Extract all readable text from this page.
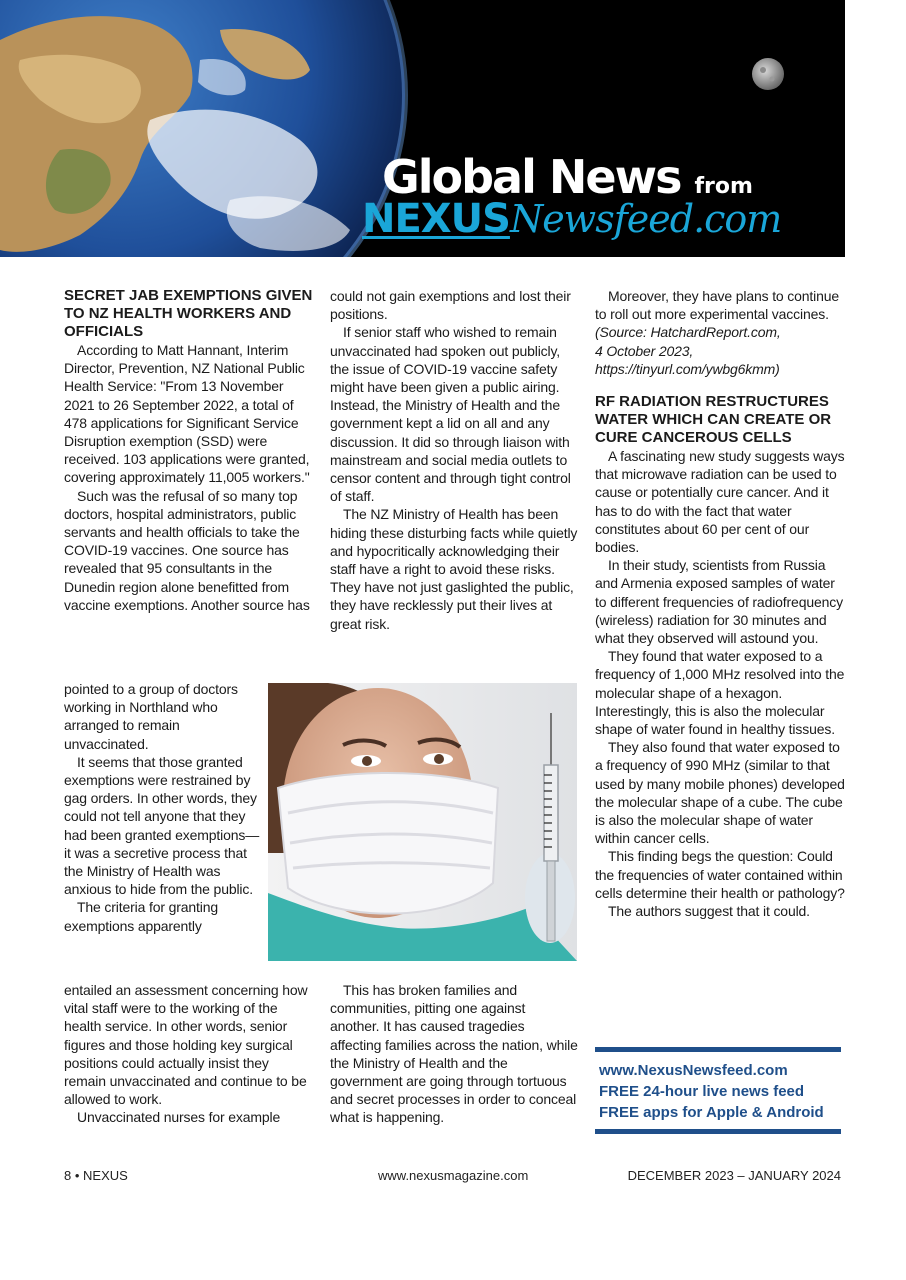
Global News from
NEXUSNewsfeed.com
SECRET JAB EXEMPTIONS GIVEN TO NZ HEALTH WORKERS AND OFFICIALS

According to Matt Hannant, Interim Director, Prevention, NZ National Public Health Service: "From 13 November 2021 to 26 September 2022, a total of 478 applications for Significant Service Disruption exemption (SSD) were received. 103 applications were granted, covering approximately 11,005 workers."

Such was the refusal of so many top doctors, hospital administrators, public servants and health officials to take the COVID-19 vaccines. One source has revealed that 95 consultants in the Dunedin region alone benefitted from vaccine exemptions. Another source has

pointed to a group of doctors working in Northland who arranged to remain unvaccinated.

It seems that those granted exemptions were restrained by gag orders. In other words, they could not tell anyone that they had been granted exemptions—it was a secretive process that the Ministry of Health was anxious to hide from the public.

The criteria for granting exemptions apparently

entailed an assessment concerning how vital staff were to the working of the health service. In other words, senior figures and those holding key surgical positions could actually insist they remain unvaccinated and continue to be allowed to work.

Unvaccinated nurses for example

could not gain exemptions and lost their positions.

If senior staff who wished to remain unvaccinated had spoken out publicly, the issue of COVID-19 vaccine safety might have been given a public airing. Instead, the Ministry of Health and the government kept a lid on all and any discussion. It did so through liaison with mainstream and social media outlets to censor content and through tight control of staff.

The NZ Ministry of Health has been hiding these disturbing facts while quietly and hypocritically acknowledging their staff have a right to avoid these risks. They have not just gaslighted the public, they have recklessly put their lives at great risk.

This has broken families and communities, pitting one against another. It has caused tragedies affecting families across the nation, while the Ministry of Health and the government are going through tortuous and secret processes in order to conceal what is happening.

Moreover, they have plans to continue to roll out more experimental vaccines.

(Source: HatchardReport.com,

4 October 2023,

https://tinyurl.com/ywbg6kmm)

RF RADIATION RESTRUCTURES WATER WHICH CAN CREATE OR CURE CANCEROUS CELLS

A fascinating new study suggests ways that microwave radiation can be used to cause or potentially cure cancer. And it has to do with the fact that water constitutes about 60 per cent of our bodies.

In their study, scientists from Russia and Armenia exposed samples of water to different frequencies of radiofrequency (wireless) radiation for 30 minutes and what they observed will astound you.

They found that water exposed to a frequency of 1,000 MHz resolved into the molecular shape of a hexagon. Interestingly, this is also the molecular shape of water found in healthy tissues.

They also found that water exposed to a frequency of 990 MHz (similar to that used by many mobile phones) developed the molecular shape of a cube. The cube is also the molecular shape of water within cancer cells.

This finding begs the question: Could the frequencies of water contained within cells determine their health or pathology?

The authors suggest that it could.

www.NexusNewsfeed.com
FREE 24-hour live news feed
FREE apps for Apple & Android
8 • NEXUS	www.nexusmagazine.com	DECEMBER 2023 – JANUARY 2024
